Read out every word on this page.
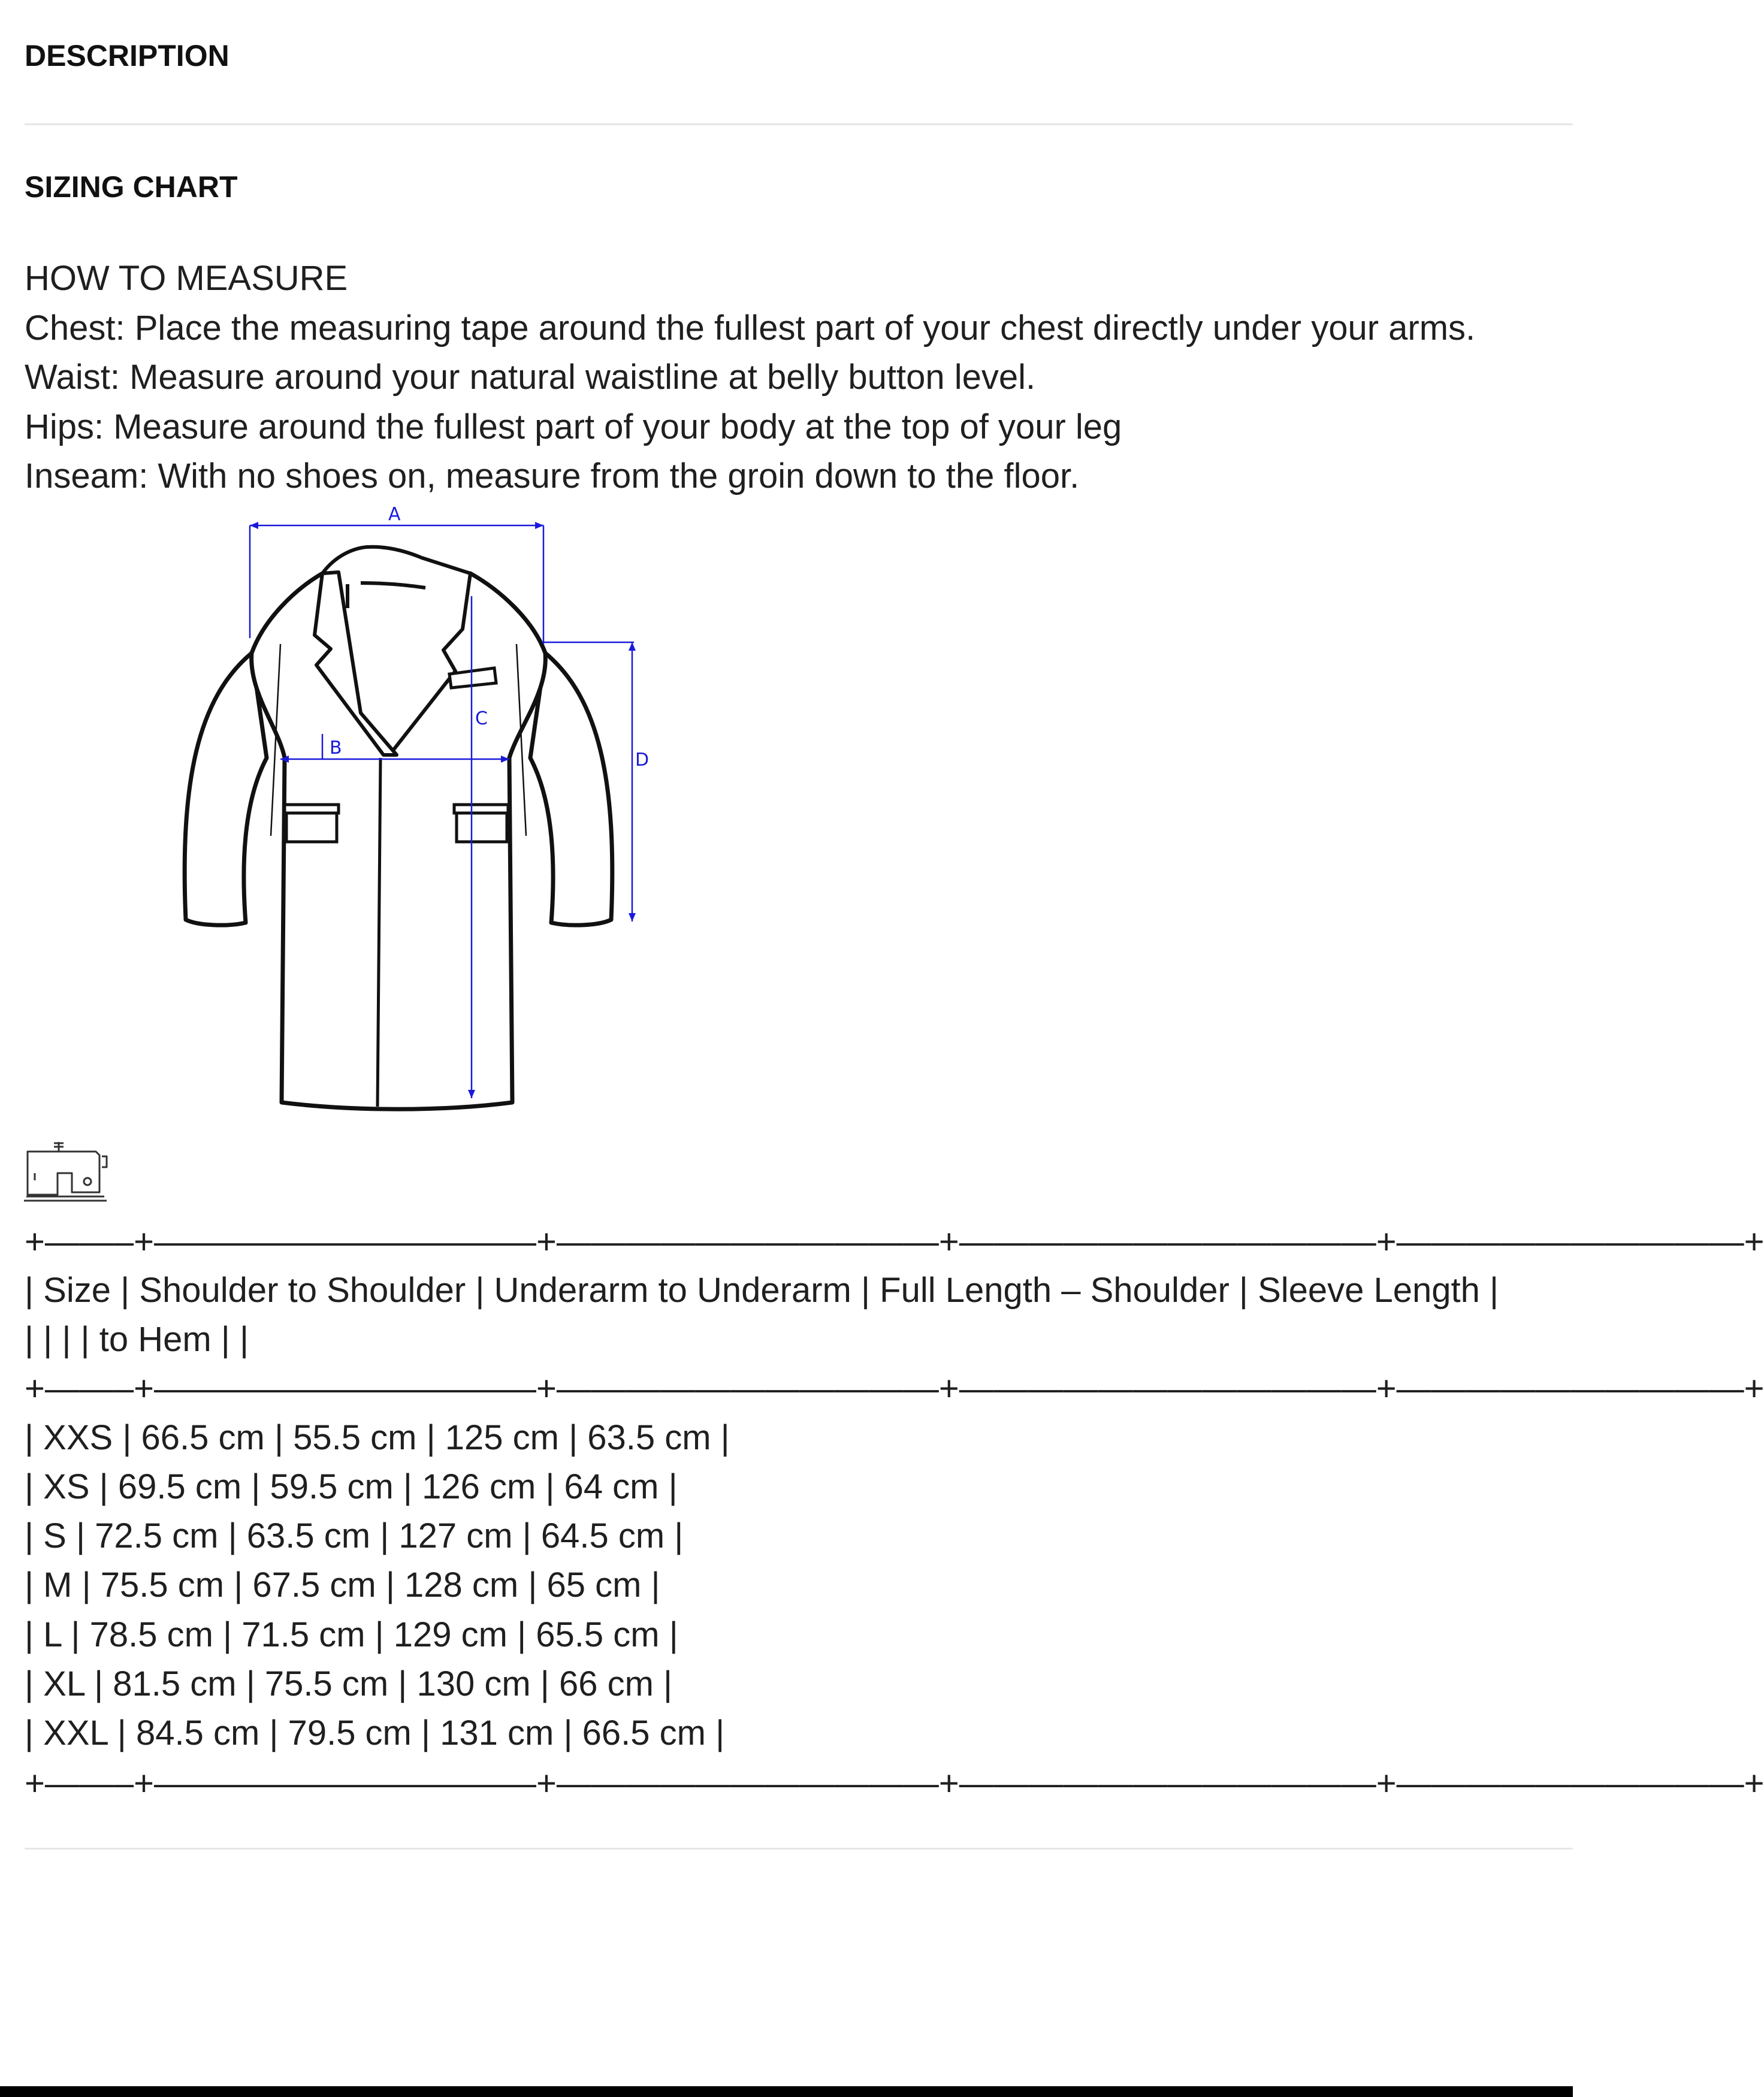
DESCRIPTION
SIZING CHART

HOW TO MEASURE

Chest: Place the measuring tape around the fullest part of your chest directly under your arms.

Waist: Measure around your natural waistline at belly button level.

Hips: Measure around the fullest part of your body at the top of your leg

Inseam: With no shoes on, measure from the groin down to the floor.

A
B
C
D

+——–+———————————+———————————+————————————+——————————+

| Size | Shoulder to Shoulder | Underarm to Underarm | Full Length – Shoulder | Sleeve Length |

| | | | to Hem | |

+——–+———————————+———————————+————————————+——————————+

| XXS | 66.5 cm | 55.5 cm | 125 cm | 63.5 cm |

| XS | 69.5 cm | 59.5 cm | 126 cm | 64 cm |

| S | 72.5 cm | 63.5 cm | 127 cm | 64.5 cm |

| M | 75.5 cm | 67.5 cm | 128 cm | 65 cm |

| L | 78.5 cm | 71.5 cm | 129 cm | 65.5 cm |

| XL | 81.5 cm | 75.5 cm | 130 cm | 66 cm |

| XXL | 84.5 cm | 79.5 cm | 131 cm | 66.5 cm |

+——–+———————————+———————————+————————————+——————————+
